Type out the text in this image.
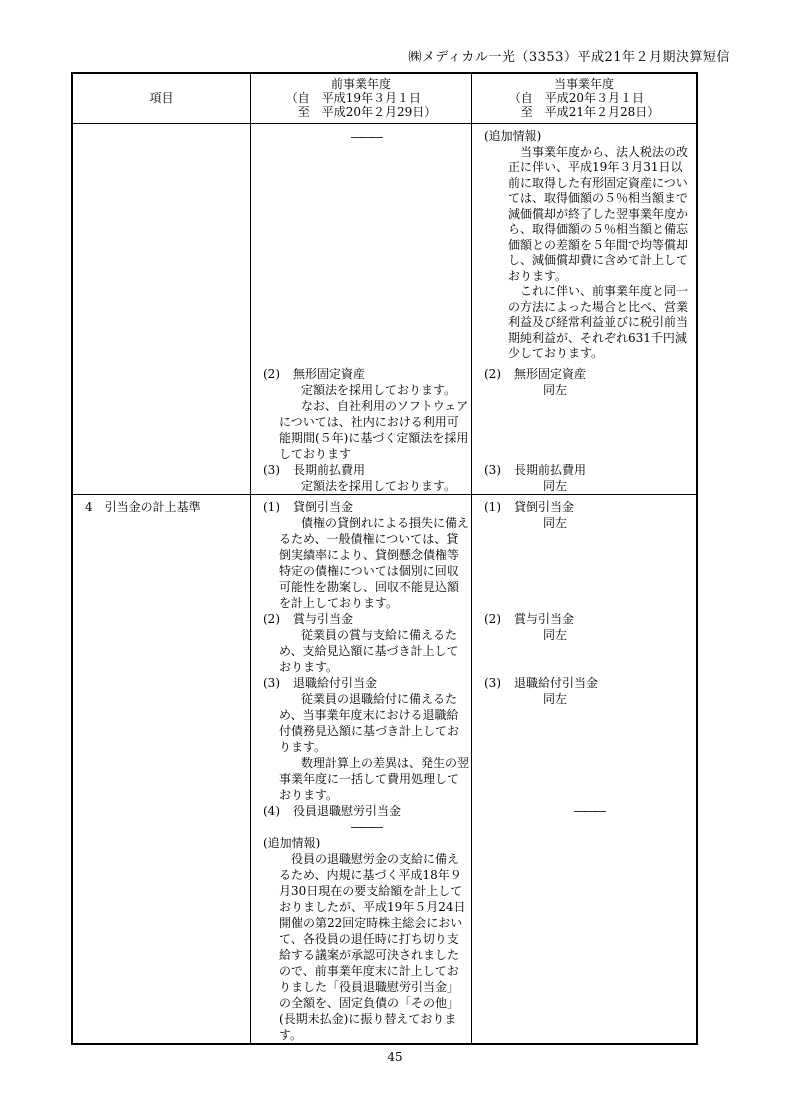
㈱メディカル一光（3353）平成21年２月期決算短信
項目
前事業年度
（自　平成19年３月１日
　至　平成20年２月29日）
当事業年度
（自　平成20年３月１日
　至　平成21年２月28日）
―――	(追加情報)
当事業年度から、法人税法の改正に伴い、平成19年３月31日以前に取得した有形固定資産については、取得価額の５％相当額まで減価償却が終了した翌事業年度から、取得価額の５％相当額と備忘価額との差額を５年間で均等償却し、減価償却費に含めて計上しております。
これに伴い、前事業年度と同一の方法によった場合と比べ、営業利益及び経常利益並びに税引前当期純利益が、それぞれ631千円減少しております。
(2) 無形固定資産
定額法を採用しております。
なお、自社利用のソフトウェアについては、社内における利用可能期間(５年)に基づく定額法を採用しております
(2) 無形固定資産
同左
(3) 長期前払費用
定額法を採用しております。
(3) 長期前払費用
同左
4　引当金の計上基準	(1) 貸倒引当金
債権の貸倒れによる損失に備えるため、一般債権については、貸倒実績率により、貸倒懸念債権等特定の債権については個別に回収可能性を勘案し、回収不能見込額を計上しております。
(1) 貸倒引当金
同左
(2) 賞与引当金
従業員の賞与支給に備えるため、支給見込額に基づき計上しております。
(2) 賞与引当金
同左
(3) 退職給付引当金
従業員の退職給付に備えるため、当事業年度末における退職給付債務見込額に基づき計上しております。
数理計算上の差異は、発生の翌事業年度に一括して費用処理しております。
(3) 退職給付引当金
同左
(4) 役員退職慰労引当金
―――
(追加情報)
役員の退職慰労金の支給に備えるため、内規に基づく平成18年９月30日現在の要支給額を計上しておりましたが、平成19年５月24日開催の第22回定時株主総会において、各役員の退任時に打ち切り支給する議案が承認可決されましたので、前事業年度末に計上しておりました「役員退職慰労引当金」の全額を、固定負債の「その他」(長期未払金)に振り替えております。
―――
45
